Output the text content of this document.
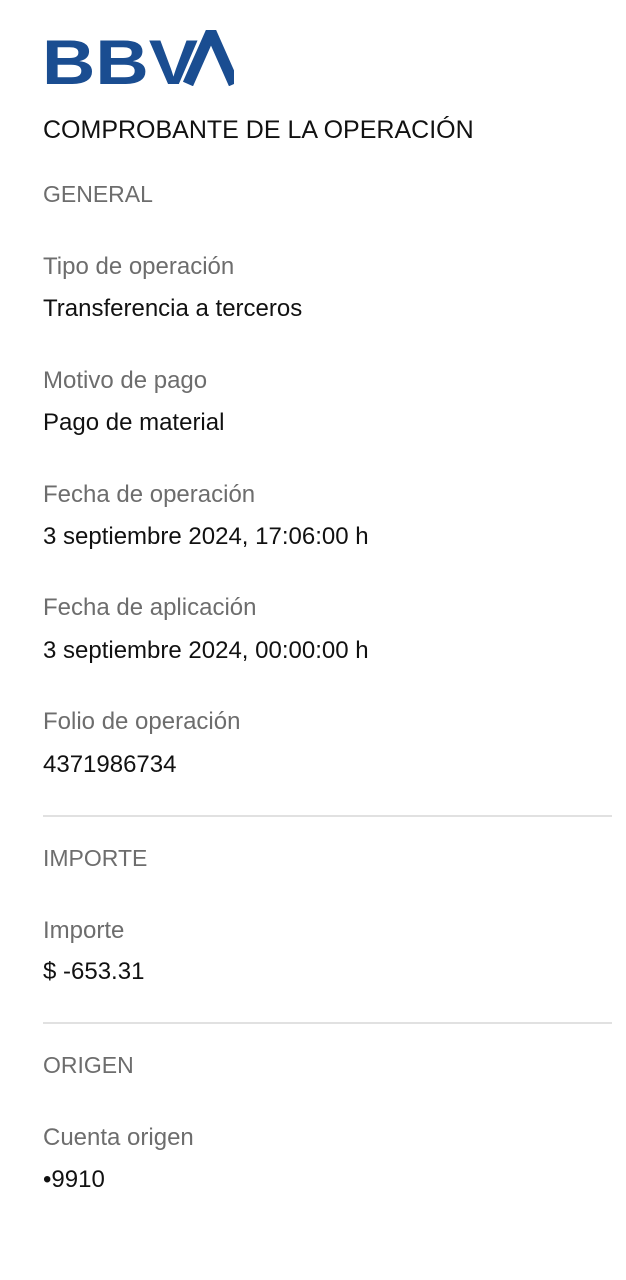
BBV
COMPROBANTE DE LA OPERACIÓN
GENERAL
Tipo de operación
Transferencia a terceros
Motivo de pago
Pago de material
Fecha de operación
3 septiembre 2024, 17:06:00 h
Fecha de aplicación
3 septiembre 2024, 00:00:00 h
Folio de operación
4371986734
IMPORTE
Importe
$ -653.31
ORIGEN
Cuenta origen
•9910
